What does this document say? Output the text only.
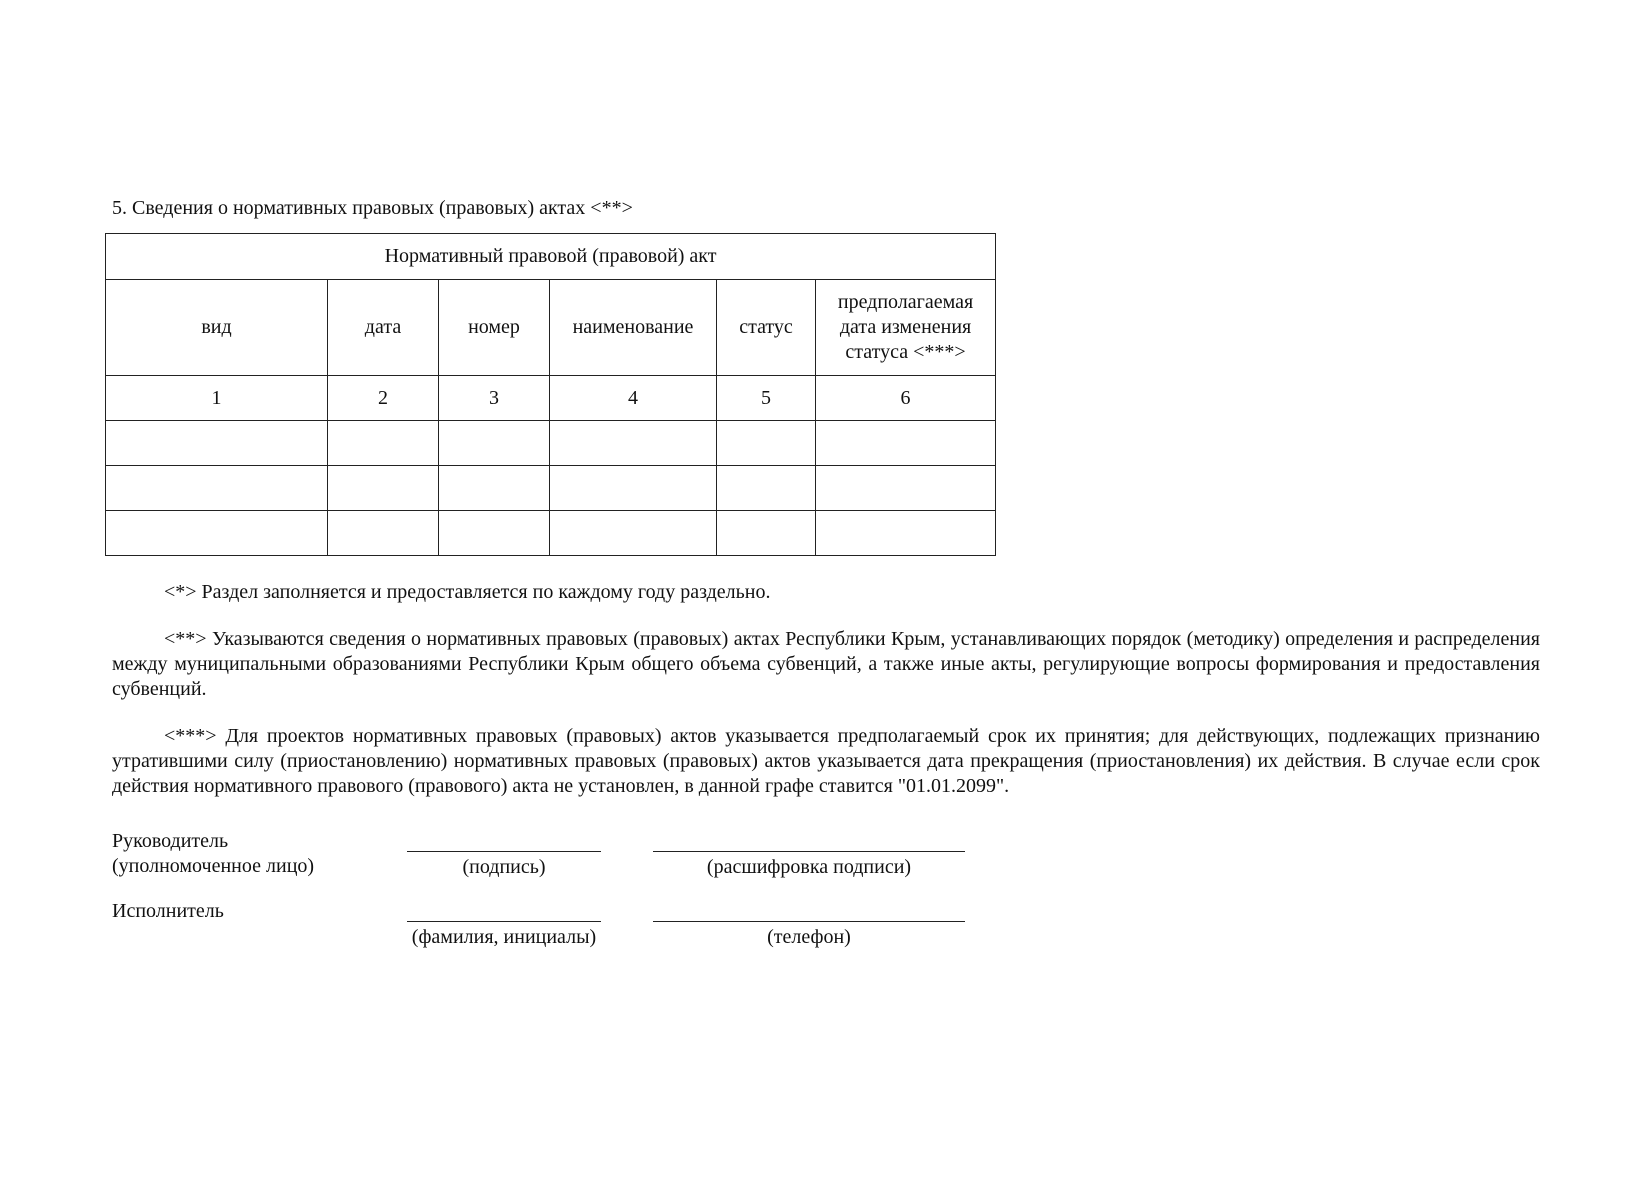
5. Сведения о нормативных правовых (правовых) актах <**>
Нормативный правовой (правовой) акт					
вид	дата	номер	наименование	статус	предполагаемая дата изменения статуса <***>
1	2	3	4	5	6

<*> Раздел заполняется и предоставляется по каждому году раздельно.
<**> Указываются сведения о нормативных правовых (правовых) актах Республики Крым, устанавливающих порядок (методику) определения и распределения между муниципальными образованиями Республики Крым общего объема субвенций, а также иные акты, регулирующие вопросы формирования и предоставления субвенций.
<***> Для проектов нормативных правовых (правовых) актов указывается предполагаемый срок их принятия; для действующих, подлежащих признанию утратившими силу (приостановлению) нормативных правовых (правовых) актов указывается дата прекращения (приостановления) их действия. В случае если срок действия нормативного правового (правового) акта не установлен, в данной графе ставится "01.01.2099".
Руководитель
(уполномоченное лицо)	(подпись)	(расшифровка подписи)
Исполнитель
(фамилия, инициалы)	(телефон)
